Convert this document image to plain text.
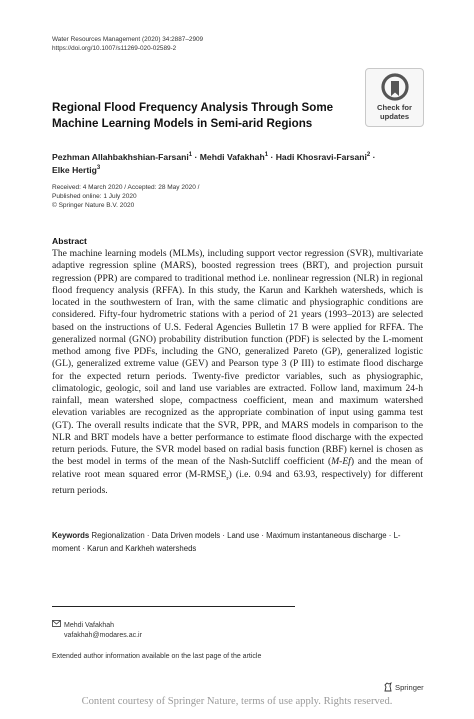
Water Resources Management (2020) 34:2887–2909
https://doi.org/10.1007/s11269-020-02589-2
Check for
updates
Regional Flood Frequency Analysis Through Some Machine Learning Models in Semi-arid Regions
Pezhman Allahbakhshian-Farsani$^1$ · Mehdi Vafakhah$^1$ · Hadi Khosravi-Farsani$^2$ ·
Elke Hertig$^3$
Received: 4 March 2020 / Accepted: 28 May 2020 /
Published online: 1 July 2020
© Springer Nature B.V. 2020
Abstract
The machine learning models (MLMs), including support vector regression (SVR), multivariate adaptive regression spline (MARS), boosted regression trees (BRT), and projection pursuit regression (PPR) are compared to traditional method i.e. nonlinear regression (NLR) in regional flood frequency analysis (RFFA). In this study, the Karun and Karkheh watersheds, which is located in the southwestern of Iran, with the same climatic and physiographic conditions are considered. Fifty-four hydrometric stations with a period of 21 years (1993–2013) are selected based on the instructions of U.S. Federal Agencies Bulletin 17 B were applied for RFFA. The generalized normal (GNO) probability distribution function (PDF) is selected by the L-moment method among five PDFs, including the GNO, generalized Pareto (GP), generalized logistic (GL), generalized extreme value (GEV) and Pearson type 3 (P III) to estimate flood discharge for the expected return periods. Twenty-five predictor variables, such as physiographic, climatologic, geologic, soil and land use variables are extracted. Follow land, maximum 24-h rainfall, mean watershed slope, compactness coefficient, mean and maximum watershed elevation variables are recognized as the appropriate combination of input using gamma test (GT). The overall results indicate that the SVR, PPR, and MARS models in comparison to the NLR and BRT models have a better performance to estimate flood discharge with the expected return periods. Future, the SVR model based on radial basis function (RBF) kernel is chosen as the best model in terms of the mean of the Nash-Sutcliff coefficient (M-Ef) and the mean of relative root mean squared error $(M-RMSE_r)$ (i.e. 0.94 and 63.93, respectively) for different return periods.
Keywords Regionalization · Data Driven models · Land use · Maximum instantaneous discharge · L-moment · Karun and Karkheh watersheds
Mehdi Vafakhah
vafakhah@modares.ac.ir
Extended author information available on the last page of the article
Springer
Content courtesy of Springer Nature, terms of use apply. Rights reserved.
